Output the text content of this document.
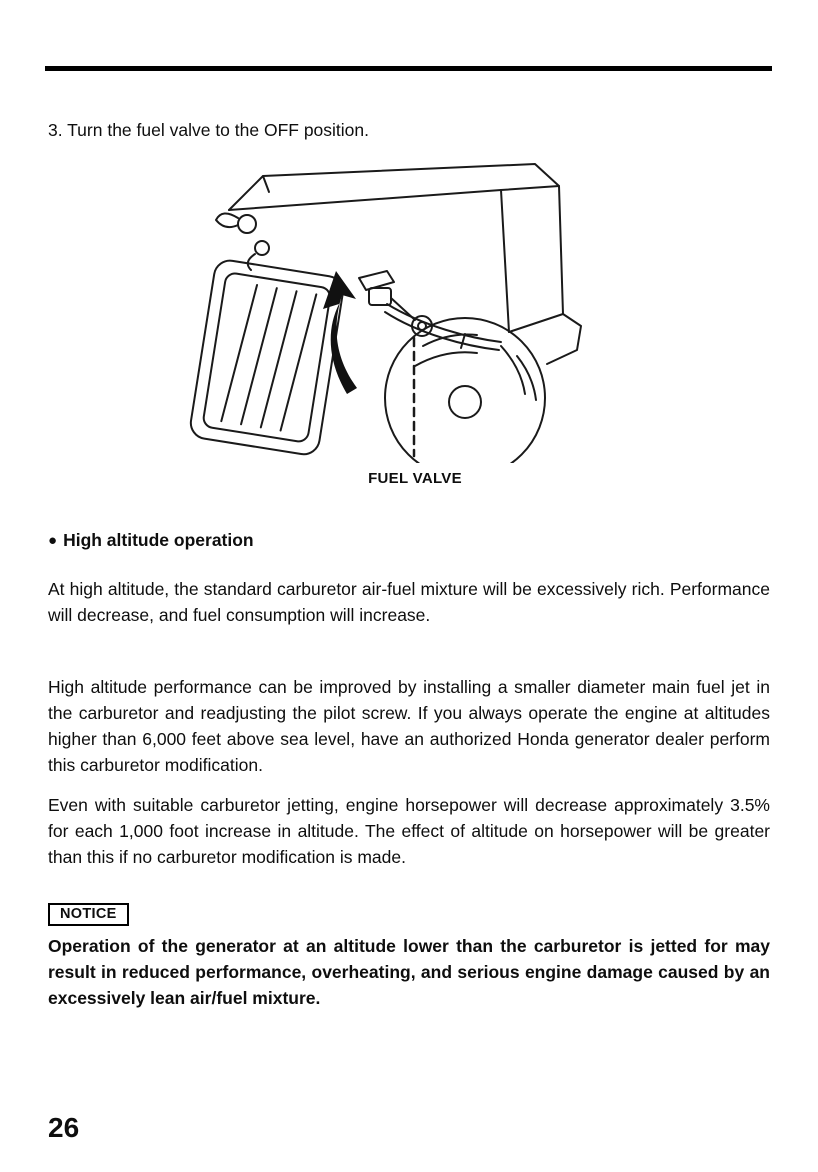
3. Turn the fuel valve to the OFF position.

FUEL VALVE
● High altitude operation

At high altitude, the standard carburetor air-fuel mixture will be excessively rich. Performance will decrease, and fuel consumption will increase.

High altitude performance can be improved by installing a smaller diameter main fuel jet in the carburetor and readjusting the pilot screw. If you always operate the engine at altitudes higher than 6,000 feet above sea level, have an authorized Honda generator dealer perform this carburetor modification.

Even with suitable carburetor jetting, engine horsepower will decrease approximately 3.5% for each 1,000 foot increase in altitude. The effect of altitude on horsepower will be greater than this if no carburetor modification is made.

NOTICE

Operation of the generator at an altitude lower than the carburetor is jetted for may result in reduced performance, overheating, and serious engine damage caused by an excessively lean air/fuel mixture.

26
